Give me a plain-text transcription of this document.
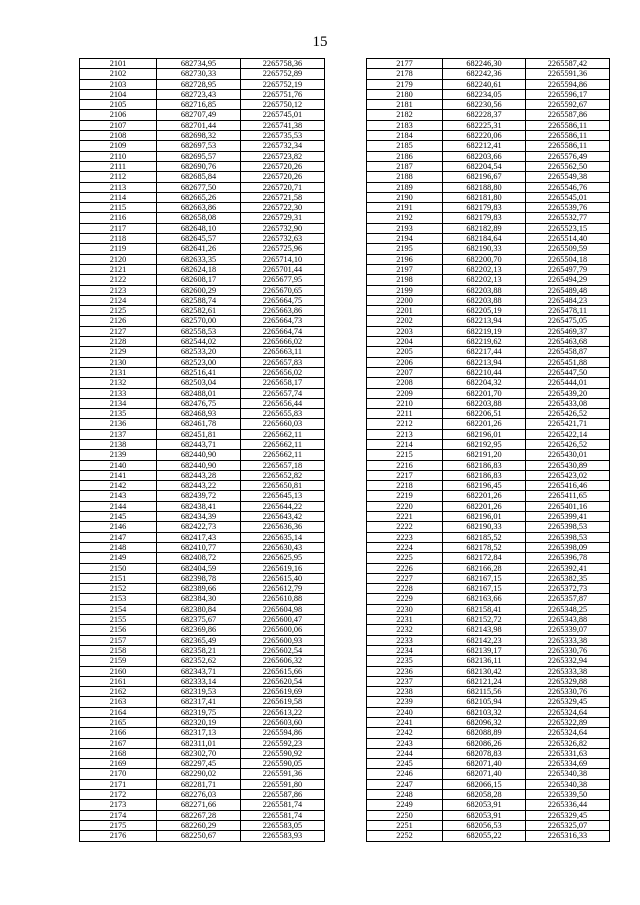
15
2101	682734,95	2265758,36
2102	682730,33	2265752,89
2103	682728,95	2265752,19
2104	682723,43	2265751,76
2105	682716,85	2265750,12
2106	682707,49	2265745,01
2107	682701,44	2265741,38
2108	682698,32	2265735,53
2109	682697,53	2265732,34
2110	682695,57	2265723,82
2111	682690,76	2265720,26
2112	682685,84	2265720,26
2113	682677,50	2265720,71
2114	682665,26	2265721,58
2115	682663,86	2265722,30
2116	682658,08	2265729,31
2117	682648,10	2265732,90
2118	682645,57	2265732,63
2119	682641,26	2265725,96
2120	682633,35	2265714,10
2121	682624,18	2265701,44
2122	682608,17	2265677,95
2123	682600,29	2265670,65
2124	682588,74	2265664,75
2125	682582,61	2265663,86
2126	682570,00	2265664,73
2127	682558,53	2265664,74
2128	682544,02	2265666,02
2129	682533,20	2265663,11
2130	682523,00	2265657,83
2131	682516,41	2265656,02
2132	682503,04	2265658,17
2133	682488,01	2265657,74
2134	682476,75	2265656,44
2135	682468,93	2265655,83
2136	682461,78	2265660,03
2137	682451,81	2265662,11
2138	682443,71	2265662,11
2139	682440,90	2265662,11
2140	682440,90	2265657,18
2141	682443,28	2265652,82
2142	682443,22	2265650,81
2143	682439,72	2265645,13
2144	682438,41	2265644,22
2145	682434,39	2265643,42
2146	682422,73	2265636,36
2147	682417,43	2265635,14
2148	682410,77	2265630,43
2149	682408,72	2265625,95
2150	682404,59	2265619,16
2151	682398,78	2265615,40
2152	682389,66	2265612,79
2153	682384,30	2265610,88
2154	682380,84	2265604,98
2155	682375,67	2265600,47
2156	682369,86	2265600,06
2157	682365,49	2265600,93
2158	682358,21	2265602,54
2159	682352,62	2265606,32
2160	682343,71	2265615,66
2161	682333,14	2265620,54
2162	682319,53	2265619,69
2163	682317,41	2265619,58
2164	682319,75	2265613,22
2165	682320,19	2265603,60
2166	682317,13	2265594,86
2167	682311,01	2265592,23
2168	682302,70	2265590,92
2169	682297,45	2265590,05
2170	682290,02	2265591,36
2171	682281,71	2265591,80
2172	682276,03	2265587,86
2173	682271,66	2265581,74
2174	682267,28	2265581,74
2175	682260,29	2265583,05
2176	682250,67	2265583,93
2177	682246,30	2265587,42
2178	682242,36	2265591,36
2179	682240,61	2265594,86
2180	682234,05	2265596,17
2181	682230,56	2265592,67
2182	682228,37	2265587,86
2183	682225,31	2265586,11
2184	682220,06	2265586,11
2185	682212,41	2265586,11
2186	682203,66	2265576,49
2187	682204,54	2265562,50
2188	682196,67	2265549,38
2189	682188,80	2265546,76
2190	682181,80	2265545,01
2191	682179,83	2265539,76
2192	682179,83	2265532,77
2193	682182,89	2265523,15
2194	682184,64	2265514,40
2195	682190,33	2265509,59
2196	682200,70	2265504,18
2197	682202,13	2265497,79
2198	682202,13	2265494,29
2199	682203,88	2265489,48
2200	682203,88	2265484,23
2201	682205,19	2265478,11
2202	682213,94	2265475,05
2203	682219,19	2265469,37
2204	682219,62	2265463,68
2205	682217,44	2265458,87
2206	682213,94	2265451,88
2207	682210,44	2265447,50
2208	682204,32	2265444,01
2209	682201,70	2265439,20
2210	682203,88	2265433,08
2211	682206,51	2265426,52
2212	682201,26	2265421,71
2213	682196,01	2265422,14
2214	682192,95	2265426,52
2215	682191,20	2265430,01
2216	682186,83	2265430,89
2217	682186,83	2265423,02
2218	682196,45	2265416,46
2219	682201,26	2265411,65
2220	682201,26	2265401,16
2221	682196,01	2265399,41
2222	682190,33	2265398,53
2223	682185,52	2265398,53
2224	682178,52	2265398,09
2225	682172,84	2265396,78
2226	682166,28	2265392,41
2227	682167,15	2265382,35
2228	682167,15	2265372,73
2229	682163,66	2265357,87
2230	682158,41	2265348,25
2231	682152,72	2265343,88
2232	682143,98	2265339,07
2233	682142,23	2265333,38
2234	682139,17	2265330,76
2235	682136,11	2265332,94
2236	682130,42	2265333,38
2237	682121,24	2265329,88
2238	682115,56	2265330,76
2239	682105,94	2265329,45
2240	682103,32	2265324,64
2241	682096,32	2265322,89
2242	682088,89	2265324,64
2243	682086,26	2265326,82
2244	682078,83	2265331,63
2245	682071,40	2265334,69
2246	682071,40	2265340,38
2247	682066,15	2265340,38
2248	682058,28	2265339,50
2249	682053,91	2265336,44
2250	682053,91	2265329,45
2251	682056,53	2265325,07
2252	682055,22	2265316,33
